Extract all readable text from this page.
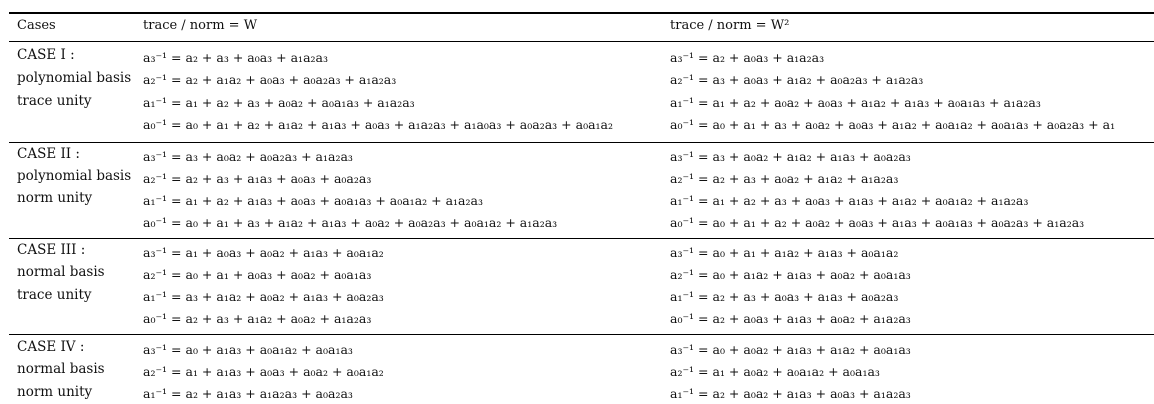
Cases	trace / norm = W	trace / norm = W²
CASE I :
polynomial basis
trace unity
a₃⁻¹ = a₂ + a₃ + a₀a₃ + a₁a₂a₃
a₂⁻¹ = a₂ + a₁a₂ + a₀a₃ + a₀a₂a₃ + a₁a₂a₃
a₁⁻¹ = a₁ + a₂ + a₃ + a₀a₂ + a₀a₁a₃ + a₁a₂a₃
a₀⁻¹ = a₀ + a₁ + a₂ + a₁a₂ + a₁a₃ + a₀a₃ + a₁a₂a₃ + a₁a₀a₃ + a₀a₂a₃ + a₀a₁a₂
a₃⁻¹ = a₂ + a₀a₃ + a₁a₂a₃
a₂⁻¹ = a₃ + a₀a₃ + a₁a₂ + a₀a₂a₃ + a₁a₂a₃
a₁⁻¹ = a₁ + a₂ + a₀a₂ + a₀a₃ + a₁a₂ + a₁a₃ + a₀a₁a₃ + a₁a₂a₃
a₀⁻¹ = a₀ + a₁ + a₃ + a₀a₂ + a₀a₃ + a₁a₂ + a₀a₁a₂ + a₀a₁a₃ + a₀a₂a₃ + a₁
CASE II :
polynomial basis
norm unity
a₃⁻¹ = a₃ + a₀a₂ + a₀a₂a₃ + a₁a₂a₃
a₂⁻¹ = a₂ + a₃ + a₁a₃ + a₀a₃ + a₀a₂a₃
a₁⁻¹ = a₁ + a₂ + a₁a₃ + a₀a₃ + a₀a₁a₃ + a₀a₁a₂ + a₁a₂a₃
a₀⁻¹ = a₀ + a₁ + a₃ + a₁a₂ + a₁a₃ + a₀a₂ + a₀a₂a₃ + a₀a₁a₂ + a₁a₂a₃
a₃⁻¹ = a₃ + a₀a₂ + a₁a₂ + a₁a₃ + a₀a₂a₃
a₂⁻¹ = a₂ + a₃ + a₀a₂ + a₁a₂ + a₁a₂a₃
a₁⁻¹ = a₁ + a₂ + a₃ + a₀a₃ + a₁a₃ + a₁a₂ + a₀a₁a₂ + a₁a₂a₃
a₀⁻¹ = a₀ + a₁ + a₂ + a₀a₂ + a₀a₃ + a₁a₃ + a₀a₁a₃ + a₀a₂a₃ + a₁a₂a₃
CASE III :
normal basis
trace unity
a₃⁻¹ = a₁ + a₀a₃ + a₀a₂ + a₁a₃ + a₀a₁a₂
a₂⁻¹ = a₀ + a₁ + a₀a₃ + a₀a₂ + a₀a₁a₃
a₁⁻¹ = a₃ + a₁a₂ + a₀a₂ + a₁a₃ + a₀a₂a₃
a₀⁻¹ = a₂ + a₃ + a₁a₂ + a₀a₂ + a₁a₂a₃
a₃⁻¹ = a₀ + a₁ + a₁a₂ + a₁a₃ + a₀a₁a₂
a₂⁻¹ = a₀ + a₁a₂ + a₁a₃ + a₀a₂ + a₀a₁a₃
a₁⁻¹ = a₂ + a₃ + a₀a₃ + a₁a₃ + a₀a₂a₃
a₀⁻¹ = a₂ + a₀a₃ + a₁a₃ + a₀a₂ + a₁a₂a₃
CASE IV :
normal basis
norm unity
a₃⁻¹ = a₀ + a₁a₃ + a₀a₁a₂ + a₀a₁a₃
a₂⁻¹ = a₁ + a₁a₃ + a₀a₃ + a₀a₂ + a₀a₁a₂
a₁⁻¹ = a₂ + a₁a₃ + a₁a₂a₃ + a₀a₂a₃
a₃⁻¹ = a₀ + a₀a₂ + a₁a₃ + a₁a₂ + a₀a₁a₃
a₂⁻¹ = a₁ + a₀a₂ + a₀a₁a₂ + a₀a₁a₃
a₁⁻¹ = a₂ + a₀a₂ + a₁a₃ + a₀a₃ + a₁a₂a₃
